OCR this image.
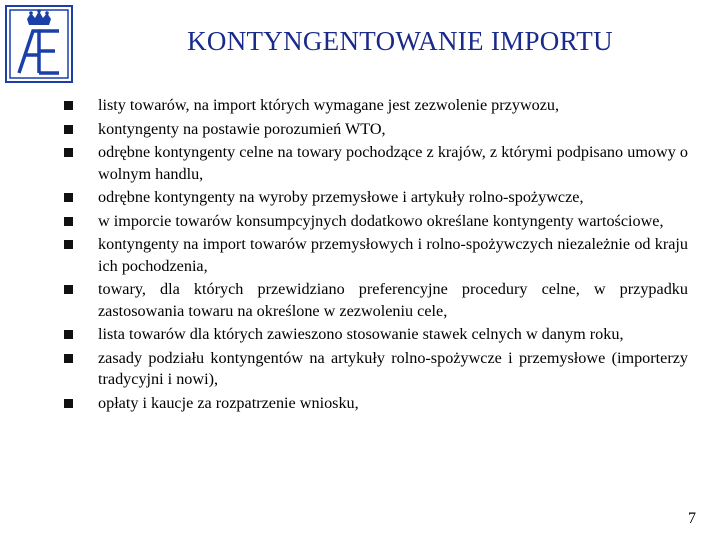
KONTYNGENTOWANIE IMPORTU
listy towarów, na import których wymagane jest zezwolenie przywozu,
kontyngenty na postawie porozumień WTO,
odrębne kontyngenty celne na towary pochodzące z krajów, z którymi podpisano umowy o wolnym handlu,
odrębne kontyngenty na wyroby przemysłowe i artykuły rolno-spożywcze,
w imporcie towarów konsumpcyjnych dodatkowo określane kontyngenty wartościowe,
kontyngenty na import towarów przemysłowych i rolno-spożywczych niezależnie od kraju ich pochodzenia,
towary, dla których przewidziano preferencyjne procedury celne, w przypadku zastosowania towaru na określone w zezwoleniu cele,
lista towarów dla których zawieszono stosowanie stawek celnych w danym roku,
zasady podziału kontyngentów na artykuły rolno-spożywcze i przemysłowe (importerzy tradycyjni i nowi),
opłaty i kaucje za rozpatrzenie wniosku,
7
